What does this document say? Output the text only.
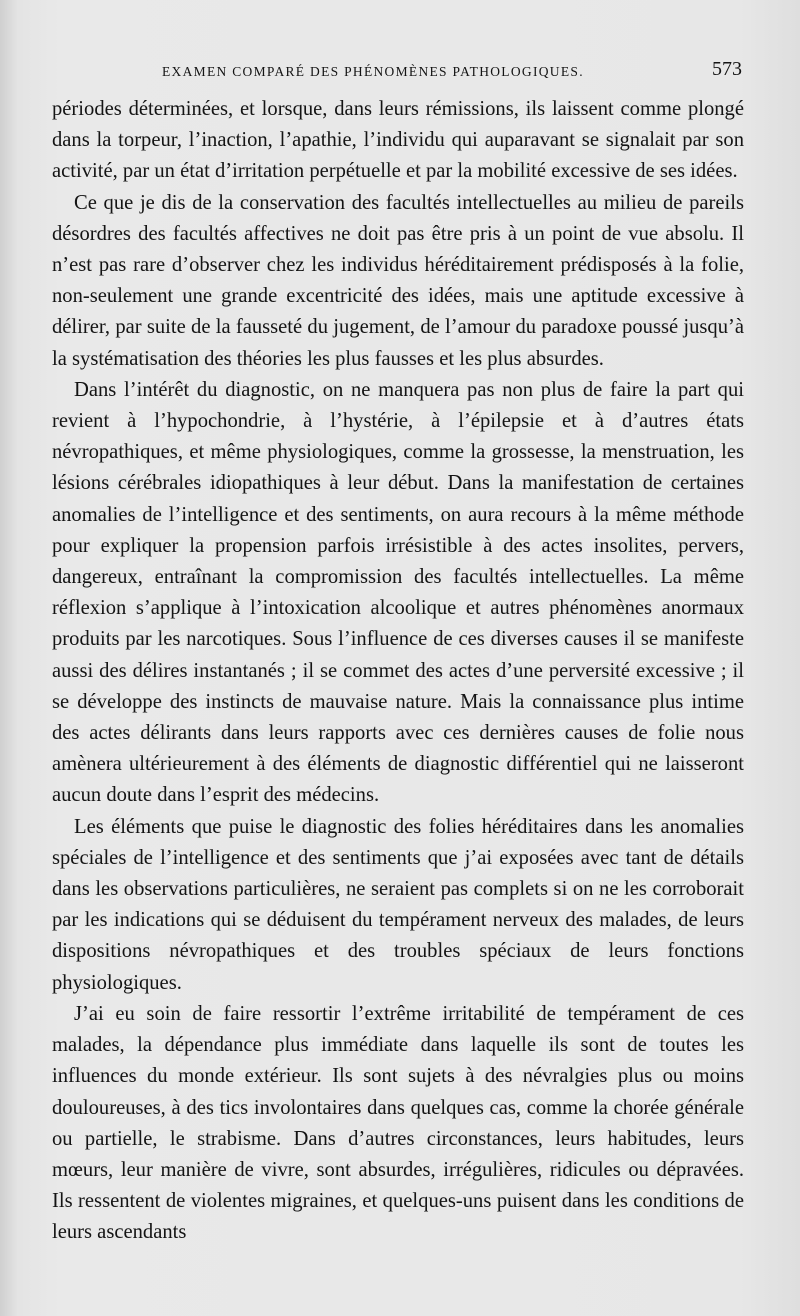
EXAMEN COMPARÉ DES PHÉNOMÈNES PATHOLOGIQUES.	573

périodes déterminées, et lorsque, dans leurs rémissions, ils laissent comme plongé dans la torpeur, l’inaction, l’apathie, l’individu qui auparavant se signalait par son activité, par un état d’irritation perpétuelle et par la mobilité excessive de ses idées.

Ce que je dis de la conservation des facultés intellectuelles au milieu de pareils désordres des facultés affectives ne doit pas être pris à un point de vue absolu. Il n’est pas rare d’observer chez les individus héréditairement prédisposés à la folie, non-seulement une grande excentricité des idées, mais une aptitude excessive à délirer, par suite de la fausseté du jugement, de l’amour du paradoxe poussé jusqu’à la systématisation des théories les plus fausses et les plus absurdes.

Dans l’intérêt du diagnostic, on ne manquera pas non plus de faire la part qui revient à l’hypochondrie, à l’hystérie, à l’épilepsie et à d’autres états névropathiques, et même physiologiques, comme la grossesse, la menstruation, les lésions cérébrales idiopathiques à leur début. Dans la manifestation de certaines anomalies de l’intelligence et des sentiments, on aura recours à la même méthode pour expliquer la propension parfois irrésistible à des actes insolites, pervers, dangereux, entraînant la compromission des facultés intellectuelles. La même réflexion s’applique à l’intoxication alcoolique et autres phénomènes anormaux produits par les narcotiques. Sous l’influence de ces diverses causes il se manifeste aussi des délires instantanés ; il se commet des actes d’une perversité excessive ; il se développe des instincts de mauvaise nature. Mais la connaissance plus intime des actes délirants dans leurs rapports avec ces dernières causes de folie nous amènera ultérieurement à des éléments de diagnostic différentiel qui ne laisseront aucun doute dans l’esprit des médecins.

Les éléments que puise le diagnostic des folies héréditaires dans les anomalies spéciales de l’intelligence et des sentiments que j’ai exposées avec tant de détails dans les observations particulières, ne seraient pas complets si on ne les corroborait par les indications qui se déduisent du tempérament nerveux des malades, de leurs dispositions névropathiques et des troubles spéciaux de leurs fonctions physiologiques.

J’ai eu soin de faire ressortir l’extrême irritabilité de tempérament de ces malades, la dépendance plus immédiate dans laquelle ils sont de toutes les influences du monde extérieur. Ils sont sujets à des névralgies plus ou moins douloureuses, à des tics involontaires dans quelques cas, comme la chorée générale ou partielle, le strabisme. Dans d’autres circonstances, leurs habitudes, leurs mœurs, leur manière de vivre, sont absurdes, irrégulières, ridicules ou dépravées. Ils ressentent de violentes migraines, et quelques-uns puisent dans les conditions de leurs ascendants
